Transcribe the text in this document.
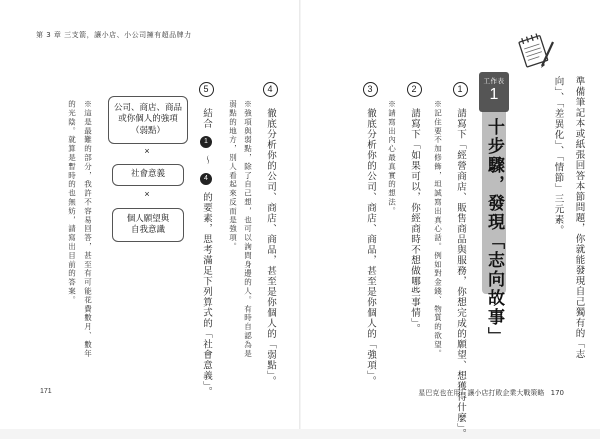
第 3 章 三支箭，讓小店、小公司擁有超品牌力
171	星巴克也在用！讓小店打敗企業大戰策略 170
準備筆記本或紙張回答本節問題，你就能發現自己獨有的「志
向」、「差異化」、「情節」三元素。
工作表
1
十步驟，發現「志向故事」
1 請寫下「經營商店、販售商品與服務，你想完成的願望、想獲得什麼」。
※記住要不加修飾，坦誠寫出真心話。例如對金錢、物質的欲望。
2 請寫下「如果可以，你經商時不想做哪些事情」。
※請寫出內心最真實的想法。
3 徹底分析你的公司、商店、商品，甚至是你個人的「強項」。
4 徹底分析你的公司、商店、商品，甚至是你個人的「弱點」。
※強項與弱點，除了自己想，也可以詢問身邊的人。有時自認為是
弱點的地方，別人看起來反而是強項。
5 結合 1 〜 4 的要素，思考滿足下列算式的「社會意義」。
公司、商店、商品
或你個人的強項
（弱點）
×
社會意義
×
個人願望與
自我意識
※這是最難的部分，我許不容易回答，甚至有可能花費數月、數年
的光陰。就算是暫時的也無妨，請寫出目前的答案。
